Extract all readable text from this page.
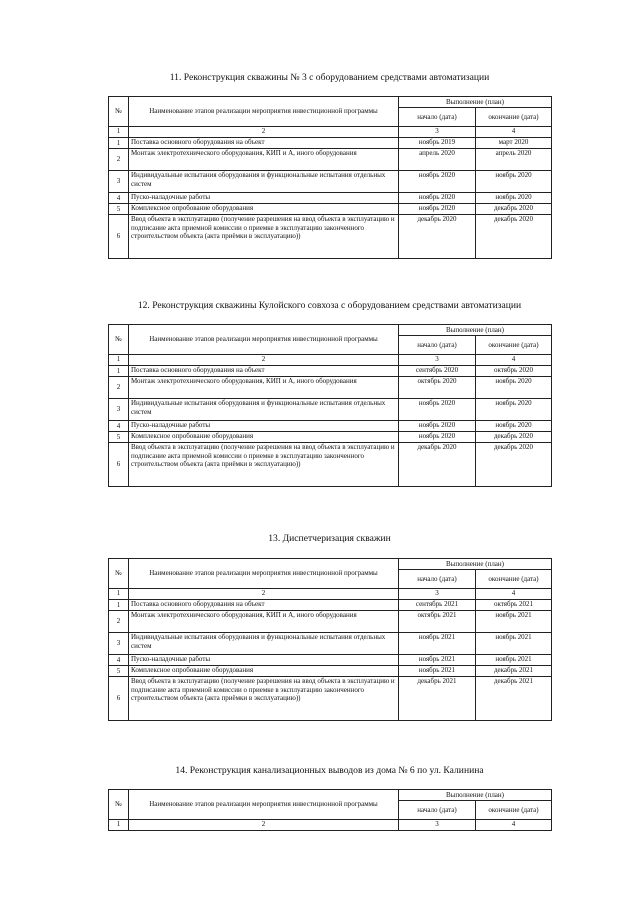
11. Реконструкция скважины № 3 с оборудованием средствами автоматизации
№	Наименование этапов реализации мероприятия инвестиционной программы	Выполнение (план)	
		начало (дата)	окончание (дата)
1	2	3	4
1	Поставка основного оборудования на объект	ноябрь 2019	март 2020
2	Монтаж электротехнического оборудования, КИП и А, иного оборудования	апрель 2020	апрель 2020
3	Индивидуальные испытания оборудования и функциональные испытания отдельных систем	ноябрь 2020	ноябрь 2020
4	Пуско-наладочные работы	ноябрь 2020	ноябрь 2020
5	Комплексное опробование оборудования	ноябрь 2020	декабрь 2020
6	Ввод объекта в эксплуатацию (получение разрешения на ввод объекта в эксплуатацию и подписание акта приемной комиссии о приемке в эксплуатацию законченного строительством объекта (акта приёмки в эксплуатацию))	декабрь 2020	декабрь 2020
12. Реконструкция скважины Кулойского совхоза с оборудованием средствами автоматизации
№	Наименование этапов реализации мероприятия инвестиционной программы	Выполнение (план)	
		начало (дата)	окончание (дата)
1	2	3	4
1	Поставка основного оборудования на объект	сентябрь 2020	октябрь 2020
2	Монтаж электротехнического оборудования, КИП и А, иного оборудования	октябрь 2020	ноябрь 2020
3	Индивидуальные испытания оборудования и функциональные испытания отдельных систем	ноябрь 2020	ноябрь 2020
4	Пуско-наладочные работы	ноябрь 2020	ноябрь 2020
5	Комплексное опробование оборудования	ноябрь 2020	декабрь 2020
6	Ввод объекта в эксплуатацию (получение разрешения на ввод объекта в эксплуатацию и подписание акта приемной комиссии о приемке в эксплуатацию законченного строительством объекта (акта приёмки в эксплуатацию))	декабрь 2020	декабрь 2020
13. Диспетчеризация скважин
№	Наименование этапов реализации мероприятия инвестиционной программы	Выполнение (план)	
		начало (дата)	окончание (дата)
1	2	3	4
1	Поставка основного оборудования на объект	сентябрь 2021	октябрь 2021
2	Монтаж электротехнического оборудования, КИП и А, иного оборудования	октябрь 2021	ноябрь 2021
3	Индивидуальные испытания оборудования и функциональные испытания отдельных систем	ноябрь 2021	ноябрь 2021
4	Пуско-наладочные работы	ноябрь 2021	ноябрь 2021
5	Комплексное опробование оборудования	ноябрь 2021	декабрь 2021
6	Ввод объекта в эксплуатацию (получение разрешения на ввод объекта в эксплуатацию и подписание акта приемной комиссии о приемке в эксплуатацию законченного строительством объекта (акта приёмки в эксплуатацию))	декабрь 2021	декабрь 2021
14. Реконструкция канализационных выводов из дома № 6 по ул. Калинина
№	Наименование этапов реализации мероприятия инвестиционной программы	Выполнение (план)	
		начало (дата)	окончание (дата)
1	2	3	4
